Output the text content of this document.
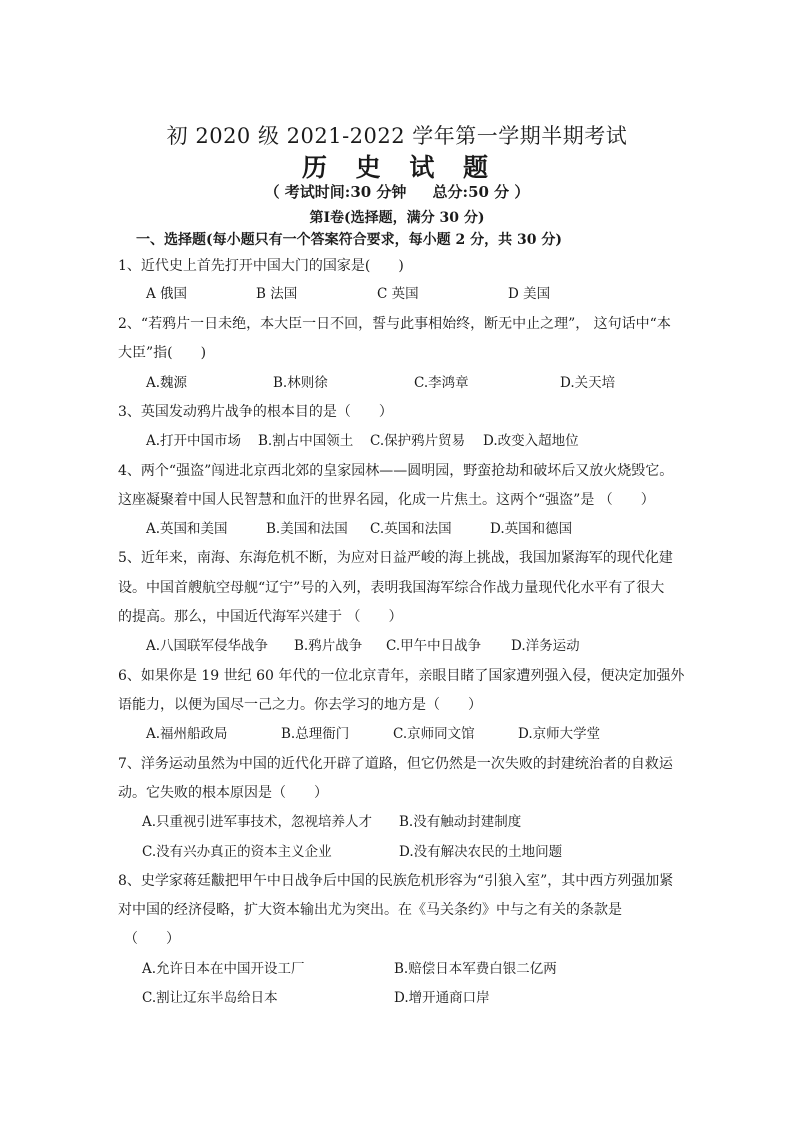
初 2020 级 2021-2022 学年第一学期半期考试
历 史 试 题
（ 考试时间:30 分钟     总分:50 分 ）
第Ⅰ卷(选择题，满分 30 分)
一、选择题(每小题只有一个答案符合要求，每小题 2 分，共 30 分)
1、近代史上首先打开中国大门的国家是(　　)
A 俄国	B 法国	C 英国	D 美国
2、“若鸦片一日未绝，本大臣一日不回，誓与此事相始终，断无中止之理”， 这句话中“本
大臣”指(　　)
A.魏源	B.林则徐	C.李鸿章	D.关天培
3、英国发动鸦片战争的根本目的是（　　）
A.打开中国市场 B.割占中国领土 C.保护鸦片贸易 D.改变入超地位
4、两个“强盗”闯进北京西北郊的皇家园林——圆明园，野蛮抢劫和破坏后又放火烧毁它。
这座凝聚着中国人民智慧和血汗的世界名园，化成一片焦土。这两个“强盗”是 （　　）
A.英国和美国	B.美国和法国 C.英国和法国	D.英国和德国
5、近年来，南海、东海危机不断，为应对日益严峻的海上挑战，我国加紧海军的现代化建
设。中国首艘航空母舰“辽宁”号的入列，表明我国海军综合作战力量现代化水平有了很大
的提高。那么，中国近代海军兴建于 （　　）
A.八国联军侵华战争 B.鸦片战争 C.甲午中日战争 D.洋务运动
6、如果你是 19 世纪 60 年代的一位北京青年，亲眼目睹了国家遭列强入侵，便决定加强外
语能力，以便为国尽一己之力。你去学习的地方是（　　）
A.福州船政局	B.总理衙门	C.京师同文馆	D.京师大学堂
7、洋务运动虽然为中国的近代化开辟了道路，但它仍然是一次失败的封建统治者的自救运
动。它失败的根本原因是（　　）
A.只重视引进军事技术，忽视培养人才 B.没有触动封建制度
C.没有兴办真正的资本主义企业	D.没有解决农民的土地问题
8、史学家蒋廷黻把甲午中日战争后中国的民族危机形容为“引狼入室”，其中西方列强加紧
对中国的经济侵略，扩大资本输出尤为突出。在《马关条约》中与之有关的条款是
（　　）
A.允许日本在中国开设工厂	B.赔偿日本军费白银二亿两
C.割让辽东半岛给日本	D.增开通商口岸
